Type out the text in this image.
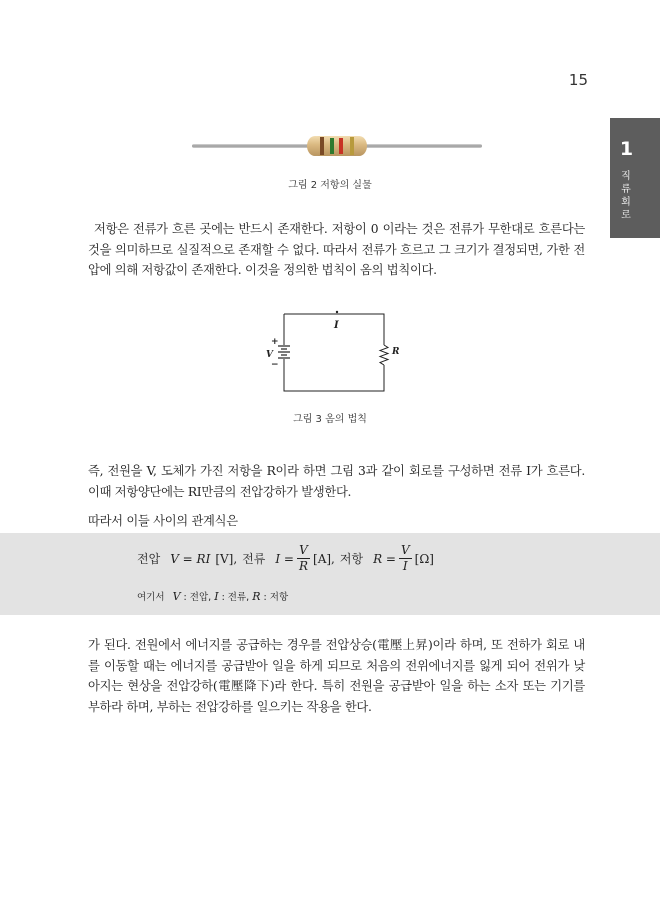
15
1
직류회로
그림 2 저항의 실물
저항은 전류가 흐른 곳에는 반드시 존재한다. 저항이 0 이라는 것은 전류가 무한대로 흐른다는 것을 의미하므로 실질적으로 존재할 수 없다. 따라서 전류가 흐르고 그 크기가 결정되면, 가한 전압에 의해 저항값이 존재한다. 이것을 정의한 법칙이 옴의 법칙이다.
I
V
+
−
R
그림 3 옴의 법칙
즉, 전원을 V, 도체가 가진 저항을 R이라 하면 그림 3과 같이 회로를 구성하면 전류 I가 흐른다. 이때 저항양단에는 RI만큼의 전압강하가 발생한다.
따라서 이들 사이의 관계식은
전압 V = RI [V] , 전류 $I = \frac{V}{R} [A]$ , 저항 $R = \frac{V}{I} [\Omega]$
여기서 V : 전압, I : 전류, R : 저항
가 된다. 전원에서 에너지를 공급하는 경우를 전압상승(電壓上昇)이라 하며, 또 전하가 회로 내를 이동할 때는 에너지를 공급받아 일을 하게 되므로 처음의 전위에너지를 잃게 되어 전위가 낮아지는 현상을 전압강하(電壓降下)라 한다. 특히 전원을 공급받아 일을 하는 소자 또는 기기를 부하라 하며, 부하는 전압강하를 일으키는 작용을 한다.
